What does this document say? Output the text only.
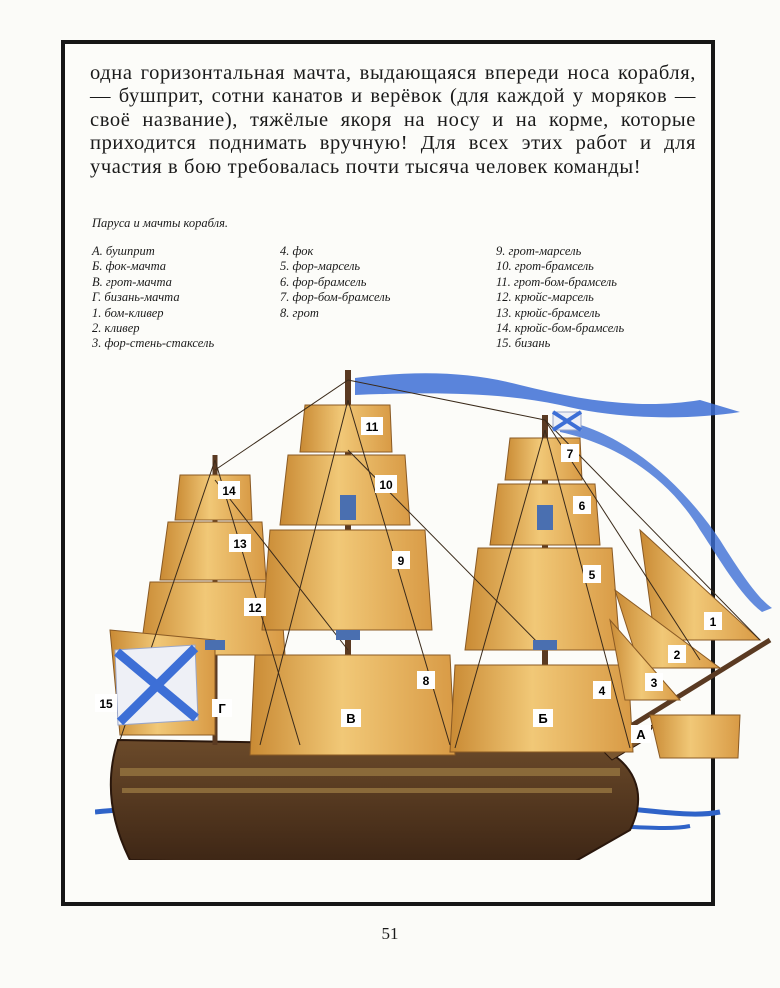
одна горизонтальная мачта, выдающаяся впереди носа корабля, — бушприт, сотни канатов и верёвок (для каждой у моряков — своё название), тяжёлые якоря на носу и на корме, которые приходится поднимать вручную! Для всех этих работ и для участия в бою требовалась почти тысяча человек команды!

Паруса и мачты корабля.
А. бушприт
Б. фок-мачта
В. грот-мачта
Г. бизань-мачта
1. бом-кливер
2. кливер
3. фор-стень-стаксель
4. фок
5. фор-марсель
6. фор-брамсель
7. фор-бом-брамсель
8. грот
9. грот-марсель
10. грот-брамсель
11. грот-бом-брамсель
12. крюйс-марсель
13. крюйс-брамсель
14. крюйс-бом-брамсель
15. бизань
1
2
3
4
5
6
7
8
9
10
11
12
13
14
15
А
Б
В
Г
51
